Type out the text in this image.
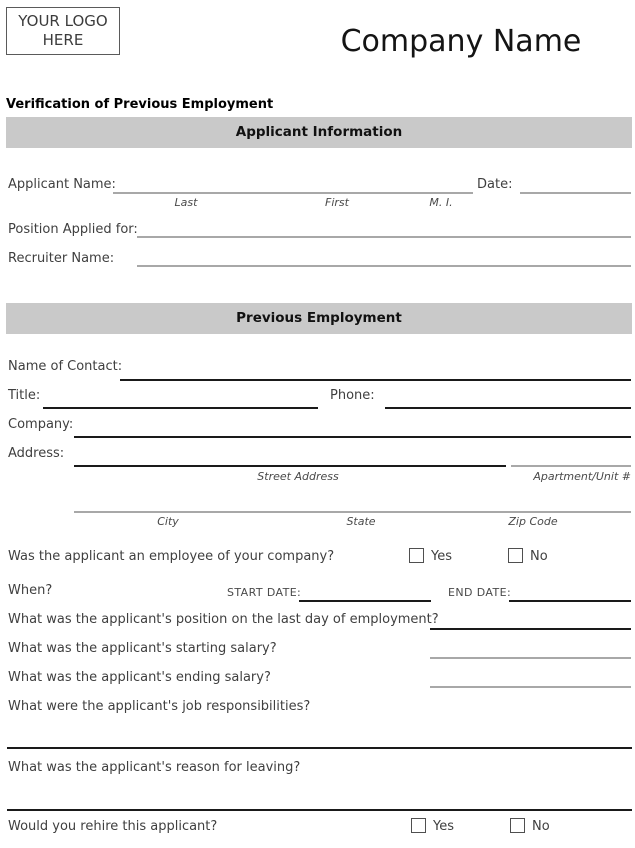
YOUR LOGO HERE	Company Name
Verification of Previous Employment
Applicant Information
Applicant Name:	Date:
Last	First	M. I.
Position Applied for:
Recruiter Name:
Previous Employment
Name of Contact:
Title:	Phone:
Company:
Address:
Street Address	Apartment/Unit #
City	State	Zip Code
Was the applicant an employee of your company?	Yes	No
When?	START DATE:	END DATE:
What was the applicant's position on the last day of employment?
What was the applicant's starting salary?
What was the applicant's ending salary?
What were the applicant's job responsibilities?
What was the applicant's reason for leaving?
Would you rehire this applicant?	Yes	No
